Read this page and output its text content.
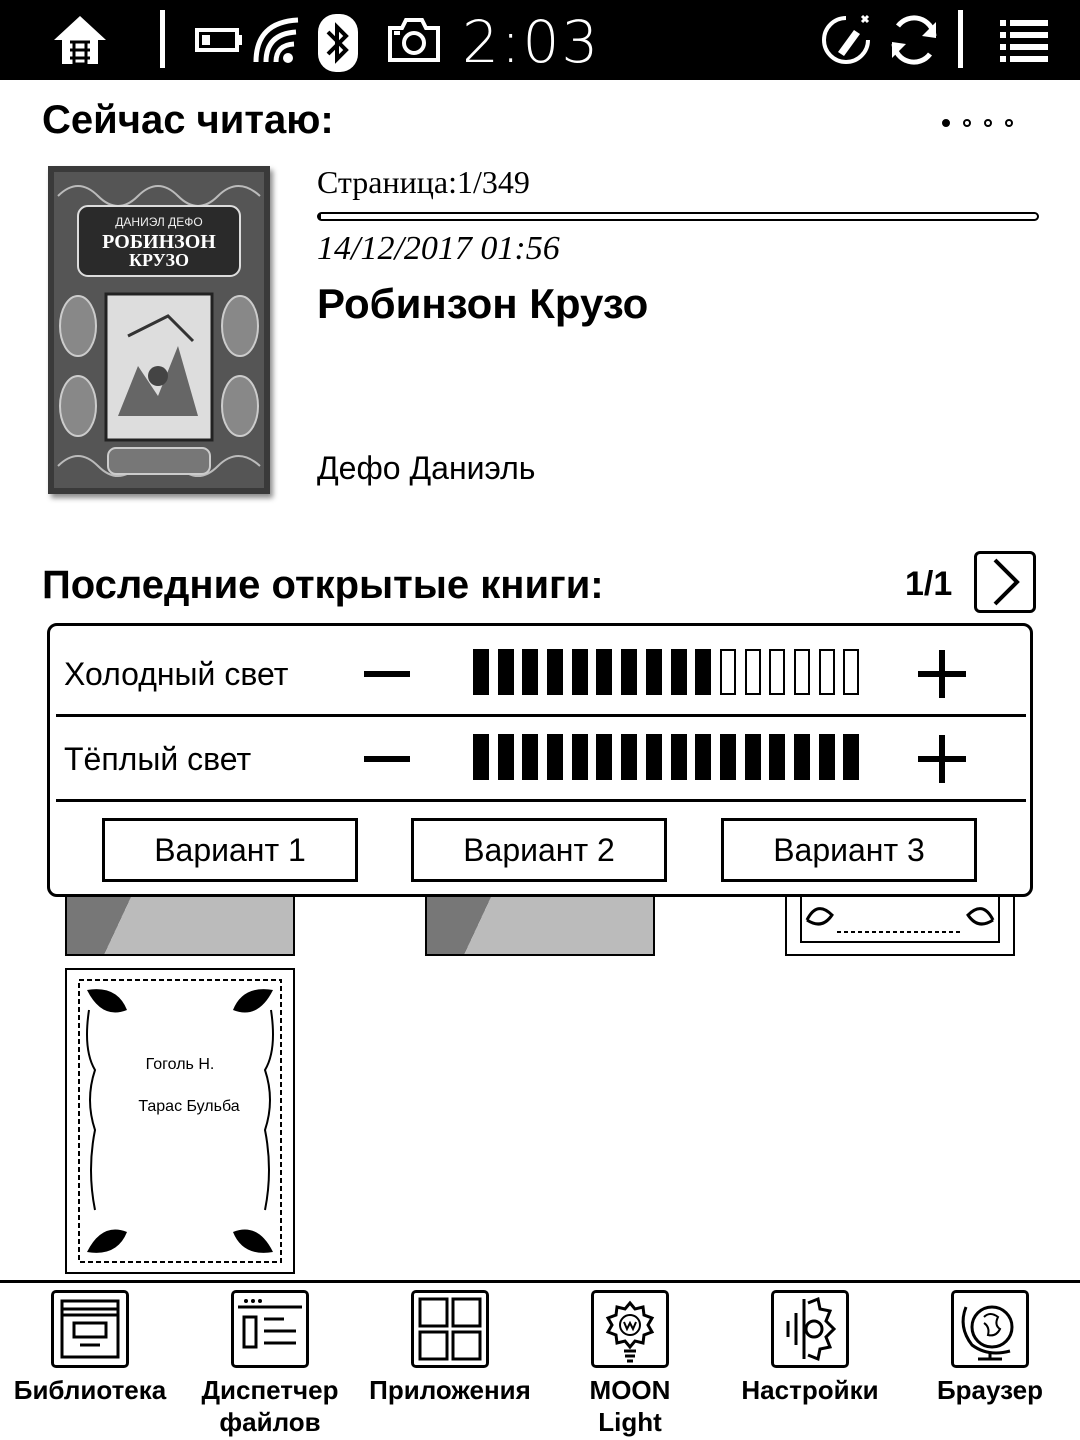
2:03
Сейчас читаю:
ДАНИЭЛ ДЕФО
РОБИНЗОН
КРУЗО
Страница:1/349
14/12/2017 01:56
Робинзон Крузо
Дефо Даниэль
Последние открытые книги:	1/1
Холодный свет
Тёплый свет
Вариант 1	Вариант 2	Вариант 3
Гоголь Н.
Тарас Бульба
Библиотека	Диспетчер файлов
Приложения	MOON Light
Настройки	Браузер
